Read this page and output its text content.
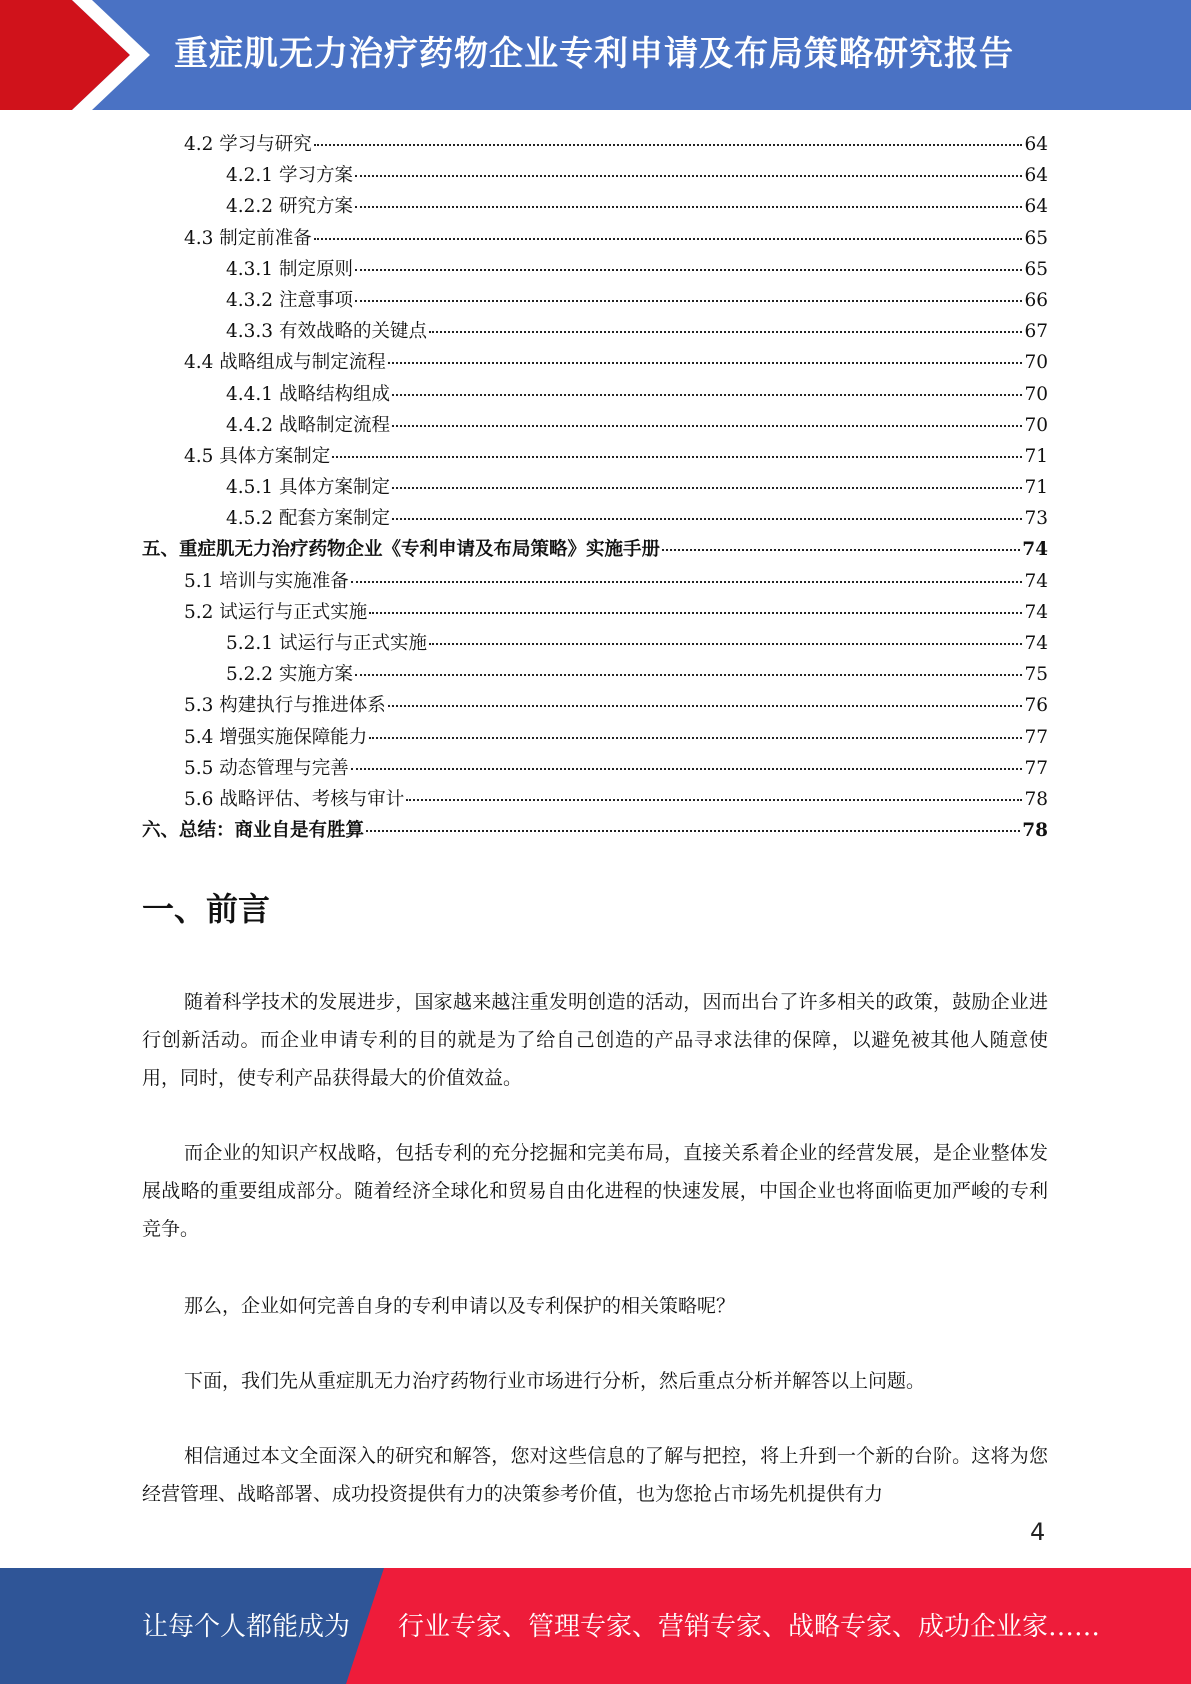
重症肌无力治疗药物企业专利申请及布局策略研究报告
4.2 学习与研究	64
4.2.1 学习方案	64
4.2.2 研究方案	64
4.3 制定前准备	65
4.3.1 制定原则	65
4.3.2 注意事项	66
4.3.3 有效战略的关键点	67
4.4 战略组成与制定流程	70
4.4.1 战略结构组成	70
4.4.2 战略制定流程	70
4.5 具体方案制定	71
4.5.1 具体方案制定	71
4.5.2 配套方案制定	73
五、重症肌无力治疗药物企业《专利申请及布局策略》实施手册	74
5.1 培训与实施准备	74
5.2 试运行与正式实施	74
5.2.1 试运行与正式实施	74
5.2.2 实施方案	75
5.3 构建执行与推进体系	76
5.4 增强实施保障能力	77
5.5 动态管理与完善	77
5.6 战略评估、考核与审计	78
六、总结：商业自是有胜算	78
一、前言

随着科学技术的发展进步，国家越来越注重发明创造的活动，因而出台了许多相关的政策，鼓励企业进行创新活动。而企业申请专利的目的就是为了给自己创造的产品寻求法律的保障，以避免被其他人随意使用，同时，使专利产品获得最大的价值效益。

而企业的知识产权战略，包括专利的充分挖掘和完美布局，直接关系着企业的经营发展，是企业整体发展战略的重要组成部分。随着经济全球化和贸易自由化进程的快速发展，中国企业也将面临更加严峻的专利竞争。

那么，企业如何完善自身的专利申请以及专利保护的相关策略呢？

下面，我们先从重症肌无力治疗药物行业市场进行分析，然后重点分析并解答以上问题。

相信通过本文全面深入的研究和解答，您对这些信息的了解与把控，将上升到一个新的台阶。这将为您经营管理、战略部署、成功投资提供有力的决策参考价值，也为您抢占市场先机提供有力

4
让每个人都能成为 行业专家、管理专家、营销专家、战略专家、成功企业家……
